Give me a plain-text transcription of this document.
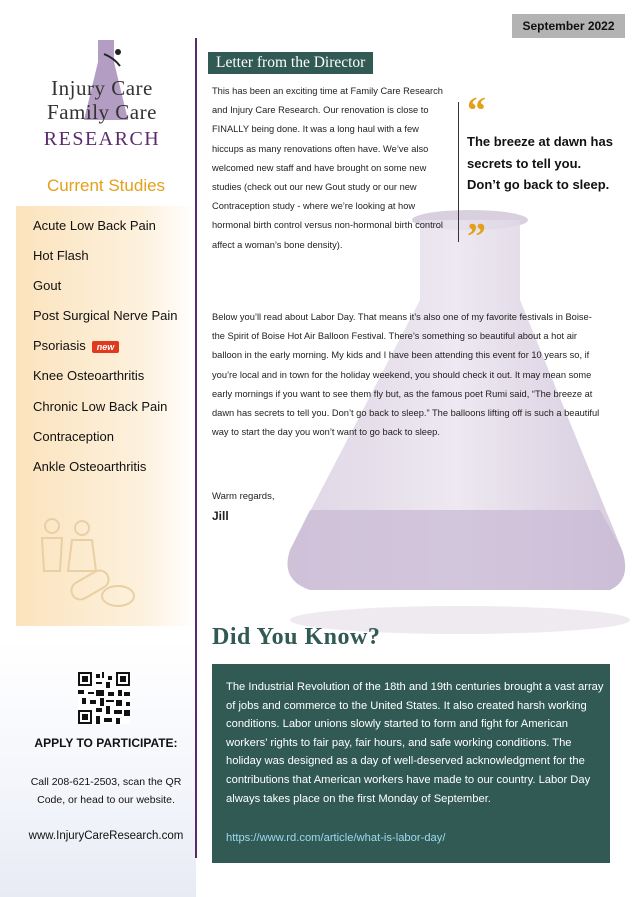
September 2022
Injury Care
Family Care
RESEARCH
Current Studies
Acute Low Back Pain
Hot Flash
Gout
Post Surgical Nerve Pain
Psoriasis new
Knee Osteoarthritis
Chronic Low Back Pain
Contraception
Ankle Osteoarthritis
APPLY TO PARTICIPATE:
Call 208-621-2503, scan the QR Code, or head to our website.
www.InjuryCareResearch.com
Letter from the Director
This has been an exciting time at Family Care Research and Injury Care Research. Our renovation is close to FINALLY being done. It was a long haul with a few hiccups as many renovations often have. We’ve also welcomed new staff and have brought on some new studies (check out our new Gout study or our new Contraception study - where we’re looking at how hormonal birth control versus non-hormonal birth control affect a woman’s bone density).
Below you’ll read about Labor Day. That means it’s also one of my favorite festivals in Boise- the Spirit of Boise Hot Air Balloon Festival. There’s something so beautiful about a hot air balloon in the early morning. My kids and I have been attending this event for 10 years so, if you’re local and in town for the holiday weekend, you should check it out. It may mean some early mornings if you want to see them fly but, as the famous poet Rumi said, “The breeze at dawn has secrets to tell you. Don’t go back to sleep.” The balloons lifting off is such a beautiful way to start the day you won’t want to go back to sleep.
Warm regards,
Jill
“
The breeze at dawn has secrets to tell you. Don’t go back to sleep.
”
Did You Know?
The Industrial Revolution of the 18th and 19th centuries brought a vast array of jobs and commerce to the United States. It also created harsh working conditions. Labor unions slowly started to form and fight for American workers’ rights to fair pay, fair hours, and safe working conditions. The holiday was designed as a day of well-deserved acknowledgment for the contributions that American workers have made to our country. Labor Day always takes place on the first Monday of September.
https://www.rd.com/article/what-is-labor-day/
